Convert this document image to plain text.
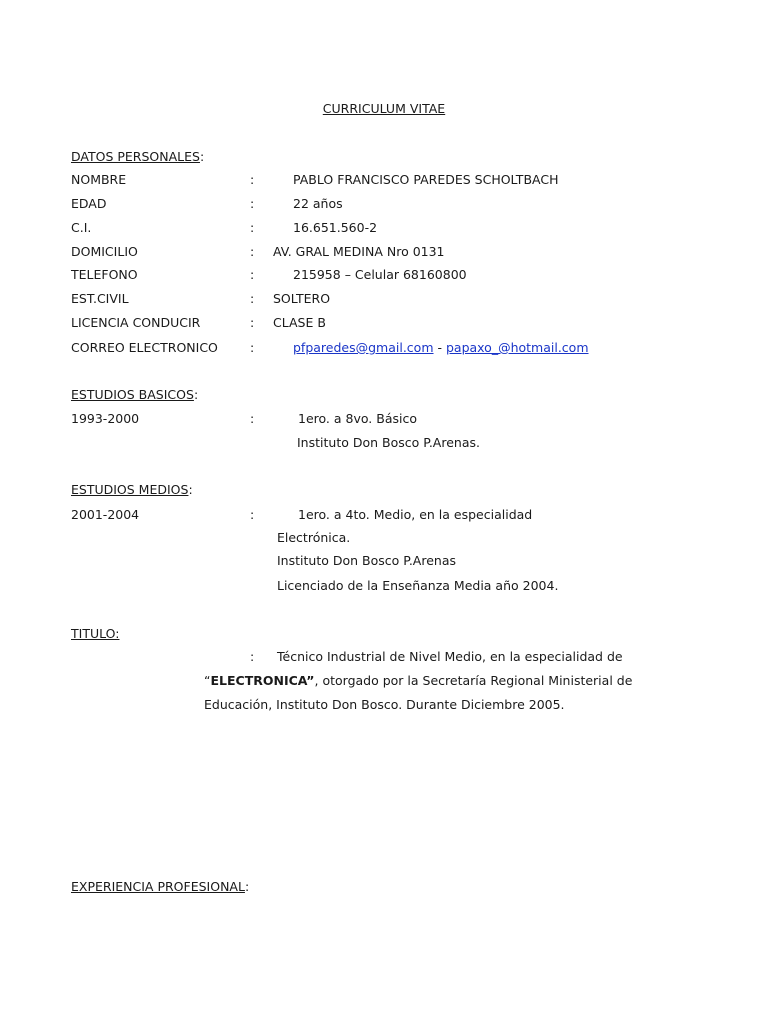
CURRICULUM VITAE
DATOS PERSONALES:
NOMBRE	:	PABLO FRANCISCO PAREDES SCHOLTBACH
EDAD	:	22 años
C.I.	:	16.651.560-2
DOMICILIO	: AV. GRAL MEDINA Nro 0131
TELEFONO	:	215958 – Celular 68160800
EST.CIVIL	: SOLTERO
LICENCIA CONDUCIR	: CLASE B
CORREO ELECTRONICO	:	pfparedes@gmail.com - papaxo_@hotmail.com
ESTUDIOS BASICOS:
1993-2000	:	1ero. a 8vo. Básico
Instituto Don Bosco P.Arenas.
ESTUDIOS MEDIOS:
2001-2004	:	1ero. a 4to. Medio, en la especialidad
Electrónica.
Instituto Don Bosco P.Arenas
Licenciado de la Enseñanza Media año 2004.
TITULO:
: Técnico Industrial de Nivel Medio, en la especialidad de
“ELECTRONICA”, otorgado por la Secretaría Regional Ministerial de
Educación, Instituto Don Bosco. Durante Diciembre 2005.
EXPERIENCIA PROFESIONAL:
